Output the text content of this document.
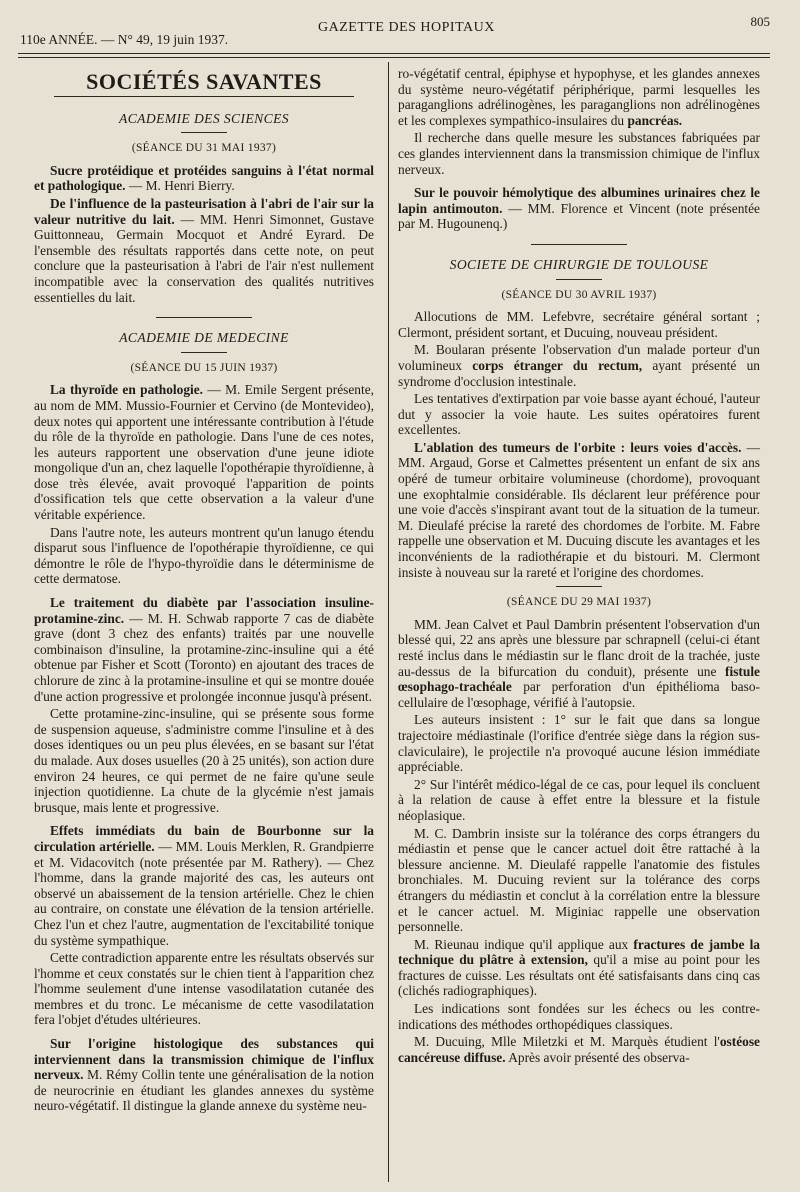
110e ANNÉE. — N° 49, 19 juin 1937.
GAZETTE DES HOPITAUX	805
SOCIÉTÉS SAVANTES
ACADEMIE DES SCIENCES
(SÉANCE DU 31 MAI 1937)

Sucre protéidique et protéides sanguins à l'état normal et pathologique. — M. Henri Bierry.

De l'influence de la pasteurisation à l'abri de l'air sur la valeur nutritive du lait. — MM. Henri Simonnet, Gustave Guittonneau, Germain Mocquot et André Eyrard. De l'ensemble des résultats rapportés dans cette note, on peut conclure que la pasteurisation à l'abri de l'air n'est nullement incompatible avec la conservation des qualités nutritives essentielles du lait.

ACADEMIE DE MEDECINE
(SÉANCE DU 15 JUIN 1937)

La thyroïde en pathologie. — M. Emile Sergent présente, au nom de MM. Mussio-Fournier et Cervino (de Montevideo), deux notes qui apportent une intéressante contribution à l'étude du rôle de la thyroïde en pathologie. Dans l'une de ces notes, les auteurs rapportent une observation d'une jeune idiote mongolique d'un an, chez laquelle l'opothérapie thyroïdienne, à dose très élevée, avait provoqué l'apparition de points d'ossification tels que cette observation a la valeur d'une véritable expérience.

Dans l'autre note, les auteurs montrent qu'un lanugo étendu disparut sous l'influence de l'opothérapie thyroïdienne, ce qui démontre le rôle de l'hypo-thyroïdie dans le déterminisme de cette dermatose.

Le traitement du diabète par l'association insuline-protamine-zinc. — M. H. Schwab rapporte 7 cas de diabète grave (dont 3 chez des enfants) traités par une nouvelle combinaison d'insuline, la protamine-zinc-insuline qui a été obtenue par Fisher et Scott (Toronto) en ajoutant des traces de chlorure de zinc à la protamine-insuline et qui se montre douée d'une action progressive et prolongée inconnue jusqu'à présent.

Cette protamine-zinc-insuline, qui se présente sous forme de suspension aqueuse, s'administre comme l'insuline et à des doses identiques ou un peu plus élevées, en se basant sur l'état du malade. Aux doses usuelles (20 à 25 unités), son action dure environ 24 heures, ce qui permet de ne faire qu'une seule injection quotidienne. La chute de la glycémie n'est jamais brusque, mais lente et progressive.

Effets immédiats du bain de Bourbonne sur la circulation artérielle. — MM. Louis Merklen, R. Grandpierre et M. Vidacovitch (note présentée par M. Rathery). — Chez l'homme, dans la grande majorité des cas, les auteurs ont observé un abaissement de la tension artérielle. Chez le chien au contraire, on constate une élévation de la tension artérielle. Chez l'un et chez l'autre, augmentation de l'excitabilité tonique du système sympathique.

Cette contradiction apparente entre les résultats observés sur l'homme et ceux constatés sur le chien tient à l'apparition chez l'homme seulement d'une intense vasodilatation cutanée des membres et du tronc. Le mécanisme de cette vasodilatation fera l'objet d'études ultérieures.

Sur l'origine histologique des substances qui interviennent dans la transmission chimique de l'influx nerveux. M. Rémy Collin tente une généralisation de la notion de neurocrinie en étudiant les glandes annexes du système neuro-végétatif. Il distingue la glande annexe du système neu-

ro-végétatif central, épiphyse et hypophyse, et les glandes annexes du système neuro-végétatif périphérique, parmi lesquelles les paraganglions adrélinogènes, les paraganglions non adrélinogènes et les complexes sympathico-insulaires du pancréas.

Il recherche dans quelle mesure les substances fabriquées par ces glandes interviennent dans la transmission chimique de l'influx nerveux.

Sur le pouvoir hémolytique des albumines urinaires chez le lapin antimouton. — MM. Florence et Vincent (note présentée par M. Hugounenq.)

SOCIETE DE CHIRURGIE DE TOULOUSE
(SÉANCE DU 30 AVRIL 1937)

Allocutions de MM. Lefebvre, secrétaire général sortant ; Clermont, président sortant, et Ducuing, nouveau président.

M. Boularan présente l'observation d'un malade porteur d'un volumineux corps étranger du rectum, ayant présenté un syndrome d'occlusion intestinale.

Les tentatives d'extirpation par voie basse ayant échoué, l'auteur dut y associer la voie haute. Les suites opératoires furent excellentes.

L'ablation des tumeurs de l'orbite : leurs voies d'accès. — MM. Argaud, Gorse et Calmettes présentent un enfant de six ans opéré de tumeur orbitaire volumineuse (chordome), provoquant une exophtalmie considérable. Ils déclarent leur préférence pour une voie d'accès s'inspirant avant tout de la situation de la tumeur. M. Dieulafé précise la rareté des chordomes de l'orbite. M. Fabre rappelle une observation et M. Ducuing discute les avantages et les inconvénients de la radiothérapie et du bistouri. M. Clermont insiste à nouveau sur la rareté et l'origine des chordomes.

(SÉANCE DU 29 MAI 1937)

MM. Jean Calvet et Paul Dambrin présentent l'observation d'un blessé qui, 22 ans après une blessure par schrapnell (celui-ci étant resté inclus dans le médiastin sur le flanc droit de la trachée, juste au-dessus de la bifurcation du conduit), présente une fistule œsophago-trachéale par perforation d'un épithélioma baso-cellulaire de l'œsophage, vérifié à l'autopsie.

Les auteurs insistent : 1° sur le fait que dans sa longue trajectoire médiastinale (l'orifice d'entrée siège dans la région sus-claviculaire), le projectile n'a provoqué aucune lésion immédiate appréciable.

2° Sur l'intérêt médico-légal de ce cas, pour lequel ils concluent à la relation de cause à effet entre la blessure et la fistule néoplasique.

M. C. Dambrin insiste sur la tolérance des corps étrangers du médiastin et pense que le cancer actuel doit être rattaché à la blessure ancienne. M. Dieulafé rappelle l'anatomie des fistules bronchiales. M. Ducuing revient sur la tolérance des corps étrangers du médiastin et conclut à la corrélation entre la blessure et le cancer actuel. M. Miginiac rappelle une observation personnelle.

M. Rieunau indique qu'il applique aux fractures de jambe la technique du plâtre à extension, qu'il a mise au point pour les fractures de cuisse. Les résultats ont été satisfaisants dans cinq cas (clichés radiographiques).

Les indications sont fondées sur les échecs ou les contre-indications des méthodes orthopédiques classiques.

M. Ducuing, Mlle Miletzki et M. Marquès étudient l'ostéose cancéreuse diffuse. Après avoir présenté des observa-
